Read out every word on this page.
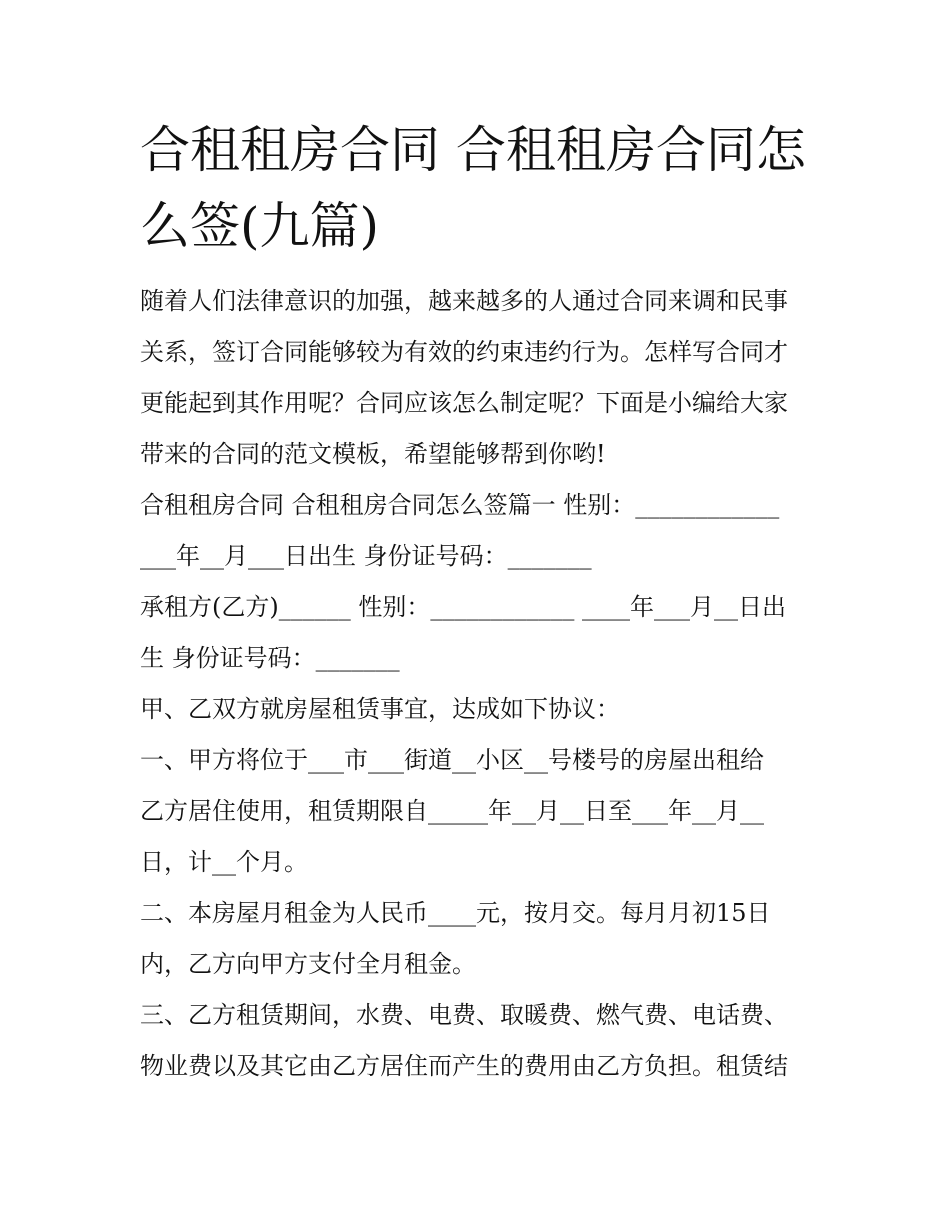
合租租房合同 合租租房合同怎
么签(九篇)
随着人们法律意识的加强，越来越多的人通过合同来调和民事
关系，签订合同能够较为有效的约束违约行为。怎样写合同才
更能起到其作用呢？合同应该怎么制定呢？下面是小编给大家
带来的合同的范文模板，希望能够帮到你哟!
合租租房合同 合租租房合同怎么签篇一 性别：____________
___年__月___日出生 身份证号码：_______
承租方(乙方)______ 性别：____________ ____年___月__日出
生 身份证号码：_______
甲、乙双方就房屋租赁事宜，达成如下协议：
一、甲方将位于___市___街道__小区__号楼号的房屋出租给
乙方居住使用，租赁期限自_____年__月__日至___年__月__
日，计__个月。
二、本房屋月租金为人民币____元，按月交。每月月初15日
内，乙方向甲方支付全月租金。
三、乙方租赁期间，水费、电费、取暖费、燃气费、电话费、
物业费以及其它由乙方居住而产生的费用由乙方负担。租赁结
